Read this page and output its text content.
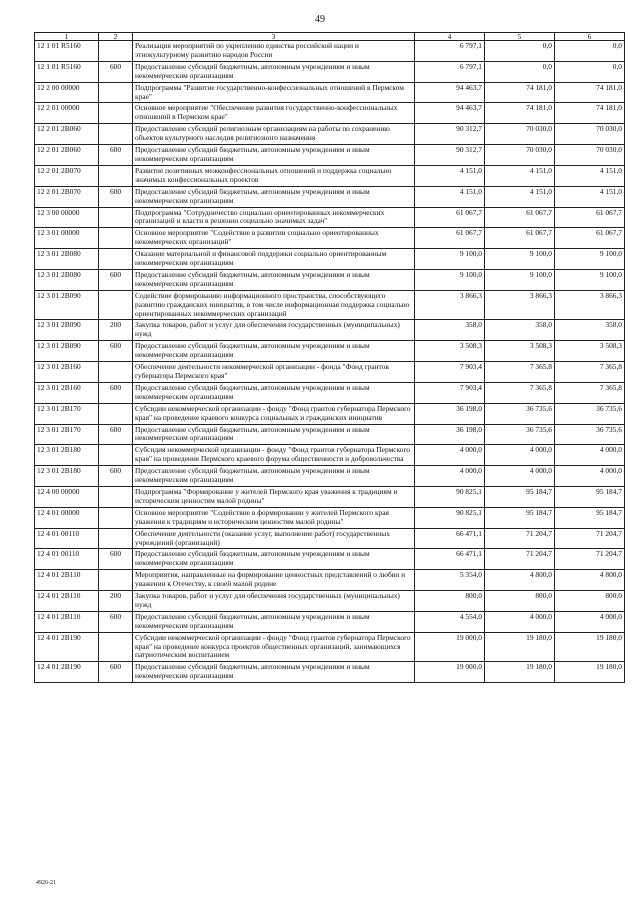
49
1	2	3	4	5	6
12 1 01 R5160		Реализация мероприятий по укреплению единства российской нации и этнокультурному развитию народов России	6 797,1	0,0	0,0
12 1 01 R5160	600	Предоставление субсидий бюджетным, автономным учреждениям и иным некоммерческим организациям	6 797,1	0,0	0,0
12 2 00 00000		Подпрограмма "Развитие государственно-конфессиональных отношений в Пермском крае"	94 463,7	74 181,0	74 181,0
12 2 01 00000		Основное мероприятие "Обеспечение развития государственно-конфессиональных отношений в Пермском крае"	94 463,7	74 181,0	74 181,0
12 2 01 2B060		Предоставление субсидий религиозным организациям на работы по сохранению объектов культурного наследия религиозного назначения	90 312,7	70 030,0	70 030,0
12 2 01 2B060	600	Предоставление субсидий бюджетным, автономным учреждениям и иным некоммерческим организациям	90 312,7	70 030,0	70 030,0
12 2 01 2B070		Развитие позитивных межконфессиональных отношений и поддержка социально значимых конфессиональных проектов	4 151,0	4 151,0	4 151,0
12 2 01 2B070	600	Предоставление субсидий бюджетным, автономным учреждениям и иным некоммерческим организациям	4 151,0	4 151,0	4 151,0
12 3 00 00000		Подпрограмма "Сотрудничество социально ориентированных некоммерческих организаций и власти в решении социально значимых задач"	61 067,7	61 067,7	61 067,7
12 3 01 00000		Основное мероприятие "Содействие в развитии социально ориентированных некоммерческих организаций"	61 067,7	61 067,7	61 067,7
12 3 01 2B080		Оказание материальной и финансовой поддержки социально ориентированным некоммерческим организациям	9 100,0	9 100,0	9 100,0
12 3 01 2B080	600	Предоставление субсидий бюджетным, автономным учреждениям и иным некоммерческим организациям	9 100,0	9 100,0	9 100,0
12 3 01 2B090		Содействие формированию информационного пространства, способствующего развитию гражданских инициатив, в том числе информационная поддержка социально ориентированных некоммерческих организаций	3 866,3	3 866,3	3 866,3
12 3 01 2B090	200	Закупка товаров, работ и услуг для обеспечения государственных (муниципальных) нужд	358,0	358,0	358,0
12 3 01 2B090	600	Предоставление субсидий бюджетным, автономным учреждениям и иным некоммерческим организациям	3 508,3	3 508,3	3 508,3
12 3 01 2B160		Обеспечение деятельности некоммерческой организации - фонда "Фонд грантов губернатора Пермского края"	7 903,4	7 365,8	7 365,8
12 3 01 2B160	600	Предоставление субсидий бюджетным, автономным учреждениям и иным некоммерческим организациям	7 903,4	7 365,8	7 365,8
12 3 01 2B170		Субсидии некоммерческой организации - фонду "Фонд грантов губернатора Пермского края" на проведение краевого конкурса социальных и гражданских инициатив	36 198,0	36 735,6	36 735,6
12 3 01 2B170	600	Предоставление субсидий бюджетным, автономным учреждениям и иным некоммерческим организациям	36 198,0	36 735,6	36 735,6
12 3 01 2B180		Субсидия некоммерческой организации - фонду "Фонд грантов губернатора Пермского края" на проведение Пермского краевого форума общественности и добровольчества	4 000,0	4 000,0	4 000,0
12 3 01 2B180	600	Предоставление субсидий бюджетным, автономным учреждениям и иным некоммерческим организациям	4 000,0	4 000,0	4 000,0
12 4 00 00000		Подпрограмма "Формирование у жителей Пермского края уважения к традициям и историческим ценностям малой родины"	90 825,1	95 184,7	95 184,7
12 4 01 00000		Основное мероприятие "Содействие в формировании у жителей Пермского края уважения к традициям и историческим ценностям малой родины"	90 825,1	95 184,7	95 184,7
12 4 01 00110		Обеспечение деятельности (оказание услуг, выполнение работ) государственных учреждений (организаций)	66 471,1	71 204,7	71 204,7
12 4 01 00110	600	Предоставление субсидий бюджетным, автономным учреждениям и иным некоммерческим организациям	66 471,1	71 204,7	71 204,7
12 4 01 2B110		Мероприятия, направленные на формирование ценностных представлений о любви и уважении к Отечеству, к своей малой родине	5 354,0	4 800,0	4 800,0
12 4 01 2B110	200	Закупка товаров, работ и услуг для обеспечения государственных (муниципальных) нужд	800,0	800,0	800,0
12 4 01 2B110	600	Предоставление субсидий бюджетным, автономным учреждениям и иным некоммерческим организациям	4 554,0	4 000,0	4 000,0
12 4 01 2B190		Субсидии некоммерческой организации - фонду "Фонд грантов губернатора Пермского края" на проведение конкурса проектов общественных организаций, занимающихся патриотическим воспитанием	19 000,0	19 180,0	19 180,0
12 4 01 2B190	600	Предоставление субсидий бюджетным, автономным учреждениям и иным некоммерческим организациям	19 000,0	19 180,0	19 180,0
4926-21
